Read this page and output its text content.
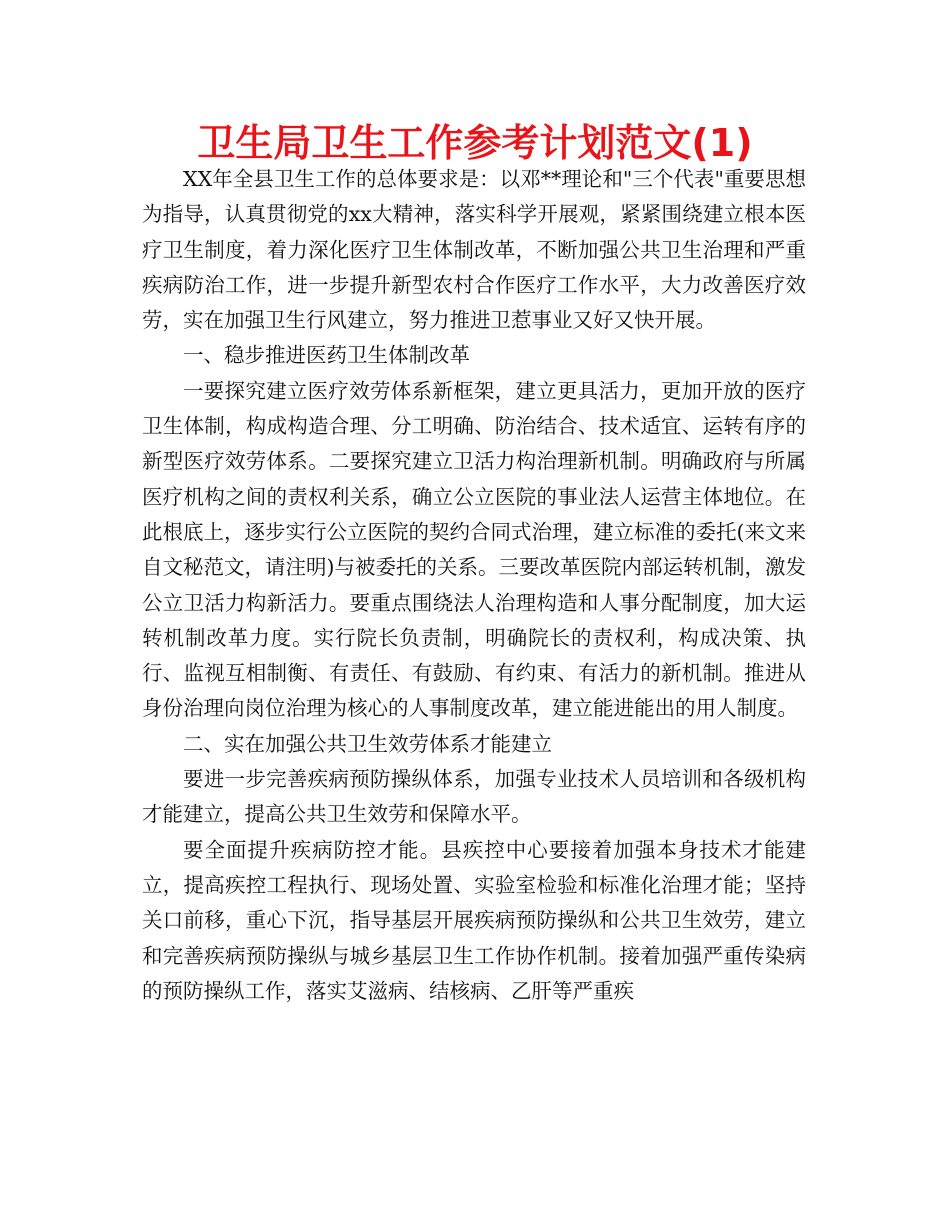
卫生局卫生工作参考计划范文(1)

XX年全县卫生工作的总体要求是：以邓**理论和"三个代表"重要思想为指导，认真贯彻党的xx大精神，落实科学开展观，紧紧围绕建立根本医疗卫生制度，着力深化医疗卫生体制改革，不断加强公共卫生治理和严重疾病防治工作，进一步提升新型农村合作医疗工作水平，大力改善医疗效劳，实在加强卫生行风建立，努力推进卫惹事业又好又快开展。

一、稳步推进医药卫生体制改革

一要探究建立医疗效劳体系新框架，建立更具活力，更加开放的医疗卫生体制，构成构造合理、分工明确、防治结合、技术适宜、运转有序的新型医疗效劳体系。二要探究建立卫活力构治理新机制。明确政府与所属医疗机构之间的责权利关系，确立公立医院的事业法人运营主体地位。在此根底上，逐步实行公立医院的契约合同式治理，建立标准的委托(来文来自文秘范文，请注明)与被委托的关系。三要改革医院内部运转机制，激发公立卫活力构新活力。要重点围绕法人治理构造和人事分配制度，加大运转机制改革力度。实行院长负责制，明确院长的责权利，构成决策、执行、监视互相制衡、有责任、有鼓励、有约束、有活力的新机制。推进从身份治理向岗位治理为核心的人事制度改革，建立能进能出的用人制度。

二、实在加强公共卫生效劳体系才能建立

要进一步完善疾病预防操纵体系，加强专业技术人员培训和各级机构才能建立，提高公共卫生效劳和保障水平。

要全面提升疾病防控才能。县疾控中心要接着加强本身技术才能建立，提高疾控工程执行、现场处置、实验室检验和标准化治理才能；坚持关口前移，重心下沉，指导基层开展疾病预防操纵和公共卫生效劳，建立和完善疾病预防操纵与城乡基层卫生工作协作机制。接着加强严重传染病的预防操纵工作，落实艾滋病、结核病、乙肝等严重疾
